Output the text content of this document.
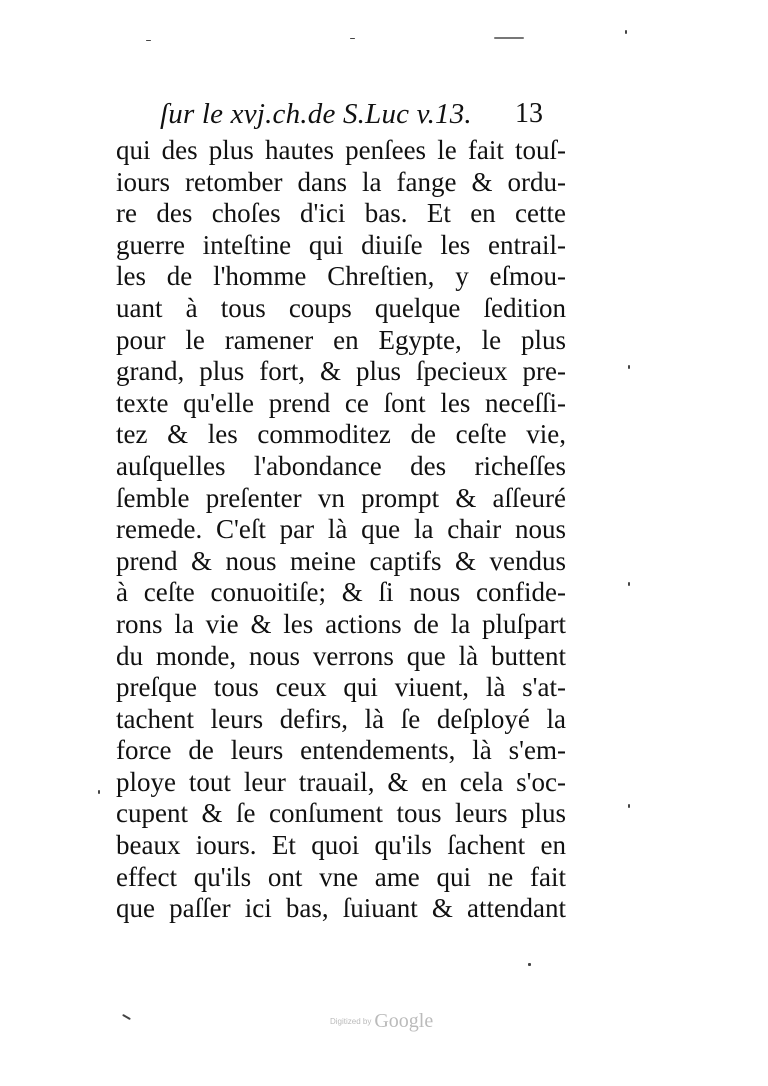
ſur le xvj.ch.de S.Luc v.13. 13
qui des plus hautes penſees le fait touſ-
iours retomber dans la fange & ordu-
re des choſes d'ici bas. Et en cette
guerre inteſtine qui diuiſe les entrail-
les de l'homme Chreſtien, y eſmou-
uant à tous coups quelque ſedition
pour le ramener en Egypte, le plus
grand, plus fort, & plus ſpecieux pre-
texte qu'elle prend ce ſont les neceſſi-
tez & les commoditez de ceſte vie,
auſquelles l'abondance des richeſſes
ſemble preſenter vn prompt & aſſeuré
remede. C'eſt par là que la chair nous
prend & nous meine captifs & vendus
à ceſte conuoitiſe; & ſi nous confide-
rons la vie & les actions de la pluſpart
du monde, nous verrons que là buttent
preſque tous ceux qui viuent, là s'at-
tachent leurs defirs, là ſe deſployé la
force de leurs entendements, là s'em-
ploye tout leur trauail, & en cela s'oc-
cupent & ſe conſument tous leurs plus
beaux iours. Et quoi qu'ils ſachent en
effect qu'ils ont vne ame qui ne fait
que paſſer ici bas, ſuiuant & attendant
Digitized by Google
